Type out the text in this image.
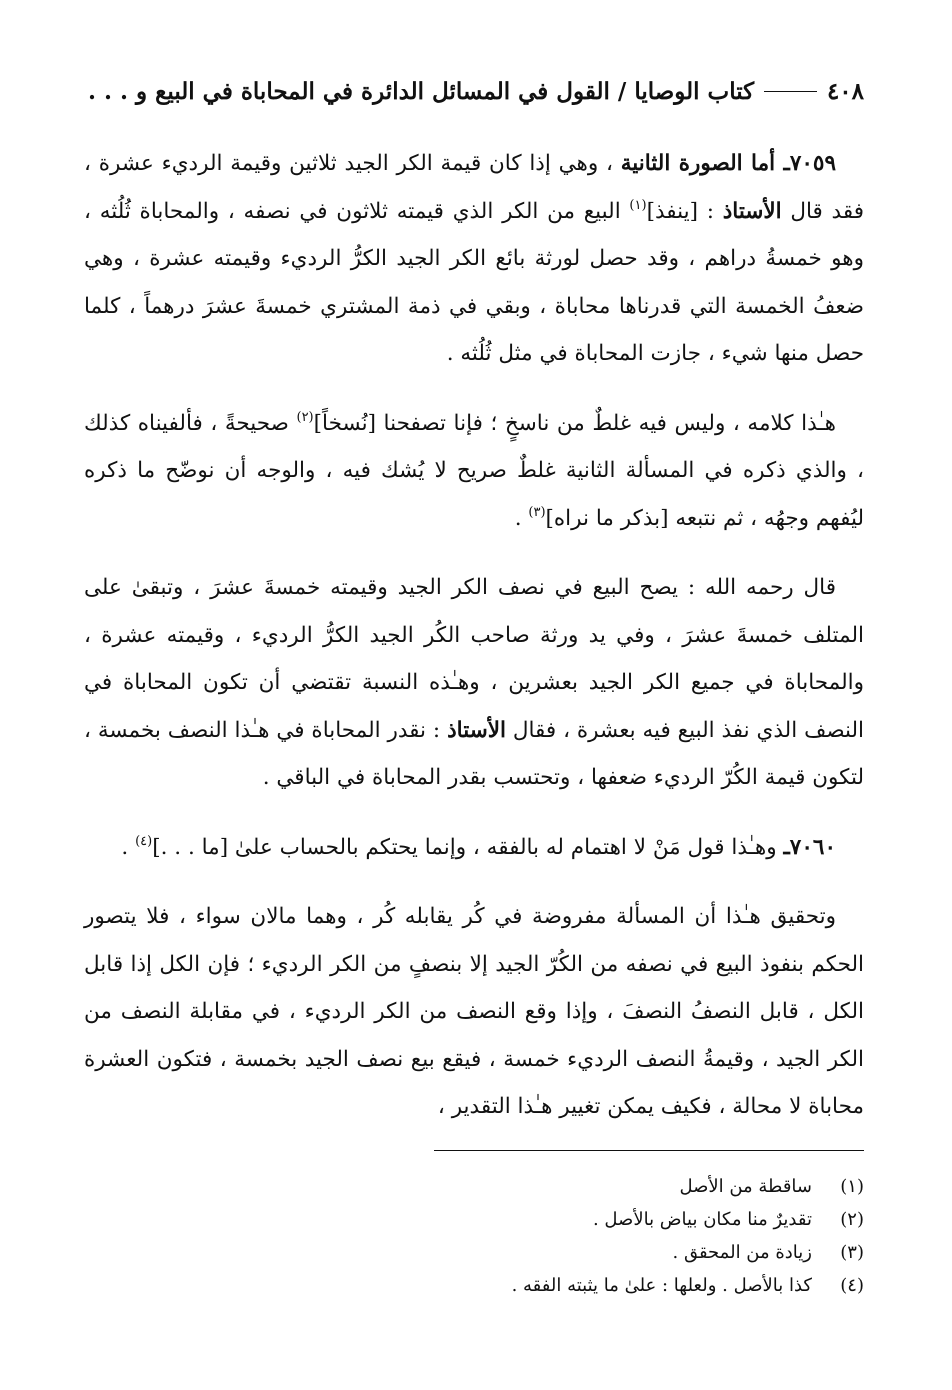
٤٠٨
كتاب الوصايا / القول في المسائل الدائرة في المحاباة في البيع و . . .

٧٠٥٩ـ أما الصورة الثانية ، وهي إذا كان قيمة الكر الجيد ثلاثين وقيمة الرديء عشرة ، فقد قال الأستاذ : [ينفذ]$^{(١)}$ البيع من الكر الذي قيمته ثلاثون في نصفه ، والمحاباة ثُلُثه ، وهو خمسةُ دراهم ، وقد حصل لورثة بائع الكر الجيد الكرُّ الرديء وقيمته عشرة ، وهي ضعفُ الخمسة التي قدرناها محاباة ، وبقي في ذمة المشتري خمسةَ عشرَ درهماً ، كلما حصل منها شيء ، جازت المحاباة في مثل ثُلُثه .

هـٰذا كلامه ، وليس فيه غلطٌ من ناسخٍ ؛ فإنا تصفحنا [نُسخاً]$^{(٢)}$ صحيحةً ، فألفيناه كذلك ، والذي ذكره في المسألة الثانية غلطٌ صريح لا يُشك فيه ، والوجه أن نوضّح ما ذكره ليُفهم وجهُه ، ثم نتبعه [بذكر ما نراه]$^{(٣)}$ .

قال رحمه الله : يصح البيع في نصف الكر الجيد وقيمته خمسةَ عشرَ ، وتبقىٰ على المتلف خمسةَ عشرَ ، وفي يد ورثة صاحب الكُر الجيد الكرُّ الرديء ، وقيمته عشرة ، والمحاباة في جميع الكر الجيد بعشرين ، وهـٰذه النسبة تقتضي أن تكون المحاباة في النصف الذي نفذ البيع فيه بعشرة ، فقال الأستاذ : نقدر المحاباة في هـٰذا النصف بخمسة ، لتكون قيمة الكُرّ الرديء ضعفها ، وتحتسب بقدر المحاباة في الباقي .

٧٠٦٠ـ وهـٰذا قول مَنْ لا اهتمام له بالفقه ، وإنما يحتكم بالحساب علىٰ [ما . . .]$^{(٤)}$ .

وتحقيق هـٰذا أن المسألة مفروضة في كُر يقابله كُر ، وهما مالان سواء ، فلا يتصور الحكم بنفوذ البيع في نصفه من الكُرّ الجيد إلا بنصفٍ من الكر الرديء ؛ فإن الكل إذا قابل الكل ، قابل النصفُ النصفَ ، وإذا وقع النصف من الكر الرديء ، في مقابلة النصف من الكر الجيد ، وقيمةُ النصف الرديء خمسة ، فيقع بيع نصف الجيد بخمسة ، فتكون العشرة محاباة لا محالة ، فكيف يمكن تغيير هـٰذا التقدير ،

(١)
ساقطة من الأصل
(٢)
تقديرٌ منا مكان بياض بالأصل .
(٣)
زيادة من المحقق .
(٤)
كذا بالأصل . ولعلها : علىٰ ما يثبته الفقه .
